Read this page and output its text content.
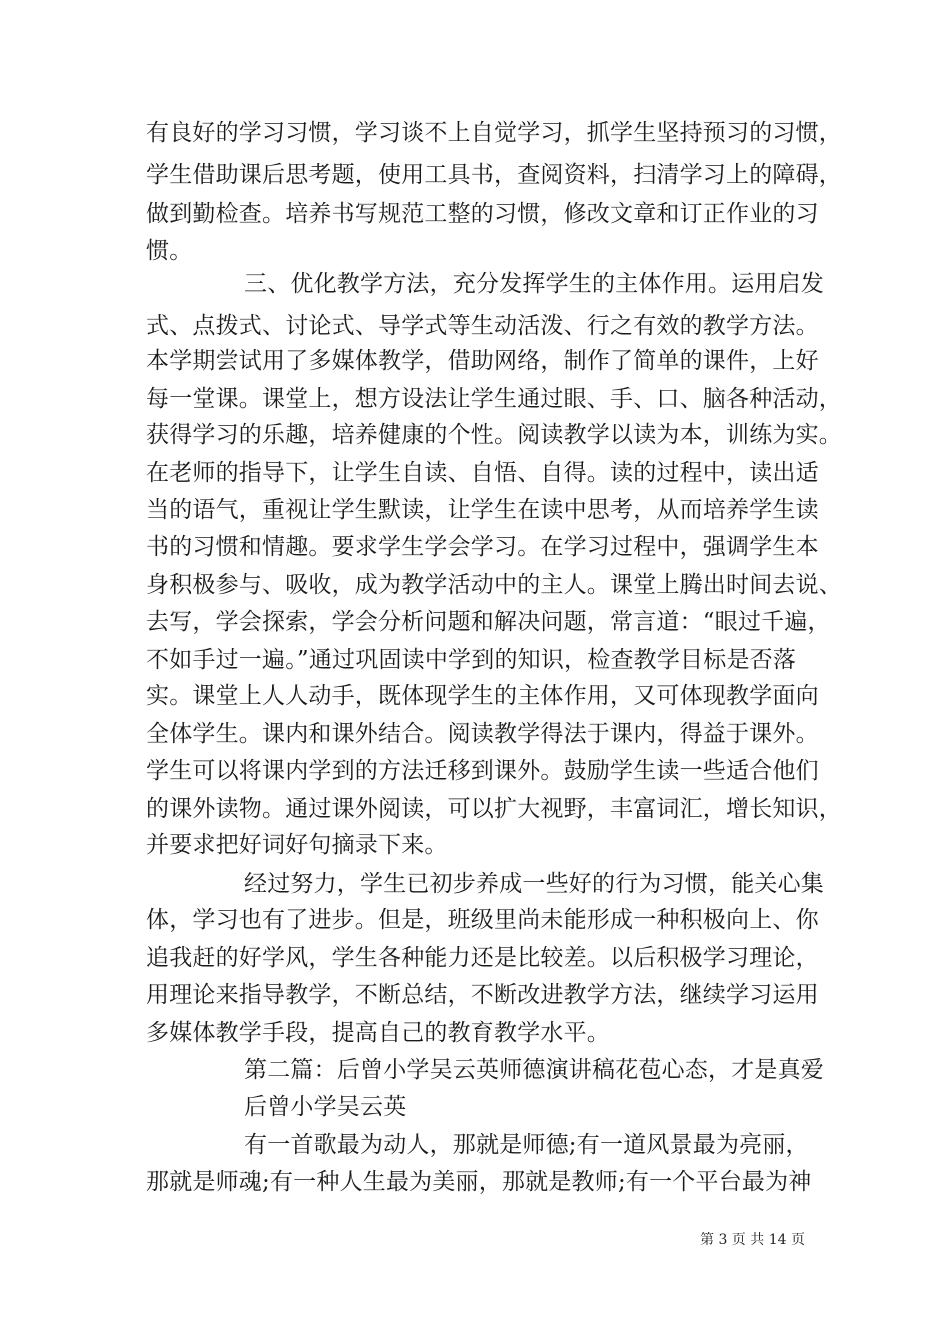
有良好的学习习惯，学习谈不上自觉学习，抓学生坚持预习的习惯，
学生借助课后思考题，使用工具书，查阅资料，扫清学习上的障碍，
做到勤检查。培养书写规范工整的习惯，修改文章和订正作业的习
惯。
三、优化教学方法，充分发挥学生的主体作用。运用启发
式、点拨式、讨论式、导学式等生动活泼、行之有效的教学方法。
本学期尝试用了多媒体教学，借助网络，制作了简单的课件，上好
每一堂课。课堂上，想方设法让学生通过眼、手、口、脑各种活动，
获得学习的乐趣，培养健康的个性。阅读教学以读为本，训练为实。
在老师的指导下，让学生自读、自悟、自得。读的过程中，读出适
当的语气，重视让学生默读，让学生在读中思考，从而培养学生读
书的习惯和情趣。要求学生学会学习。在学习过程中，强调学生本
身积极参与、吸收，成为教学活动中的主人。课堂上腾出时间去说、
去写，学会探索，学会分析问题和解决问题，常言道：“眼过千遍，
不如手过一遍。”通过巩固读中学到的知识，检查教学目标是否落
实。课堂上人人动手，既体现学生的主体作用，又可体现教学面向
全体学生。课内和课外结合。阅读教学得法于课内，得益于课外。
学生可以将课内学到的方法迁移到课外。鼓励学生读一些适合他们
的课外读物。通过课外阅读，可以扩大视野，丰富词汇，增长知识，
并要求把好词好句摘录下来。
经过努力，学生已初步养成一些好的行为习惯，能关心集
体，学习也有了进步。但是，班级里尚未能形成一种积极向上、你
追我赶的好学风，学生各种能力还是比较差。以后积极学习理论，
用理论来指导教学，不断总结，不断改进教学方法，继续学习运用
多媒体教学手段，提高自己的教育教学水平。
第二篇：后曾小学吴云英师德演讲稿花苞心态，才是真爱
后曾小学吴云英
有一首歌最为动人，那就是师德;有一道风景最为亮丽，
那就是师魂;有一种人生最为美丽，那就是教师;有一个平台最为神
第 3 页 共 14 页
